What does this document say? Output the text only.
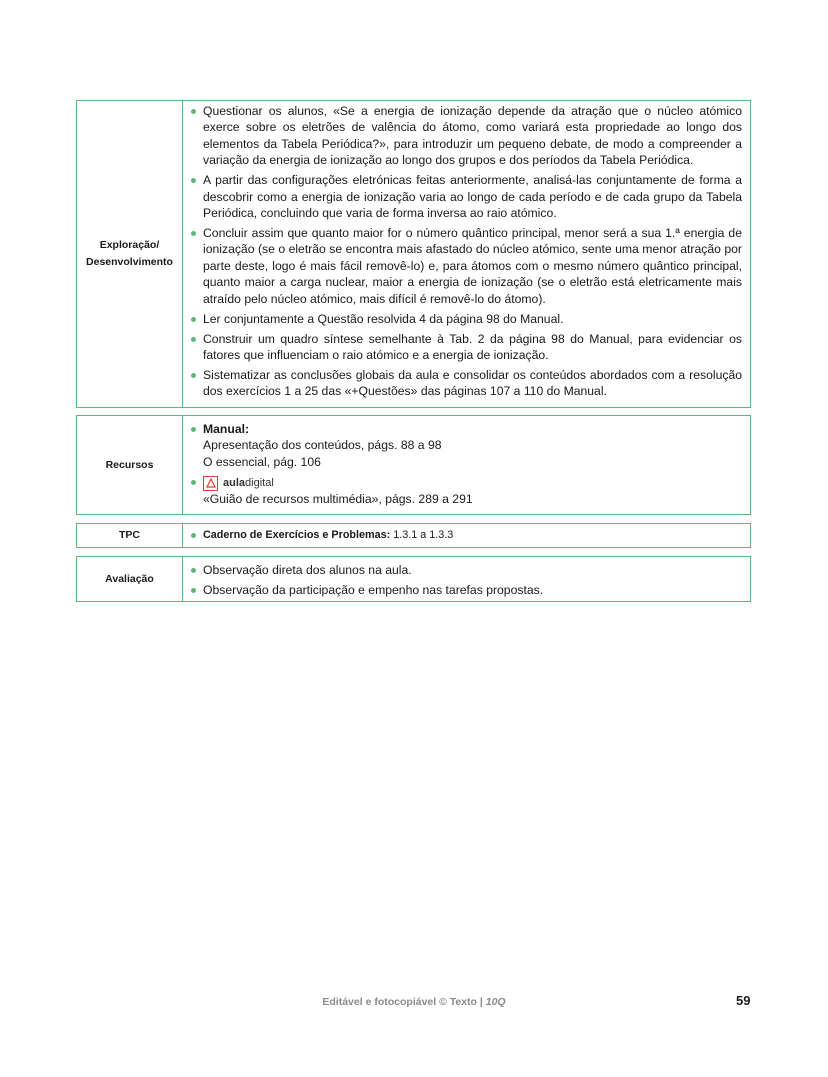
Exploração/
Desenvolvimento
Questionar os alunos, «Se a energia de ionização depende da atração que o núcleo atómico exerce sobre os eletrões de valência do átomo, como variará esta propriedade ao longo dos elementos da Tabela Periódica?», para introduzir um pequeno debate, de modo a compreender a variação da energia de ionização ao longo dos grupos e dos períodos da Tabela Periódica.
A partir das configurações eletrónicas feitas anteriormente, analisá-las conjuntamente de forma a descobrir como a energia de ionização varia ao longo de cada período e de cada grupo da Tabela Periódica, concluindo que varia de forma inversa ao raio atómico.
Concluir assim que quanto maior for o número quântico principal, menor será a sua 1.ª energia de ionização (se o eletrão se encontra mais afastado do núcleo atómico, sente uma menor atração por parte deste, logo é mais fácil removê-lo) e, para átomos com o mesmo número quântico principal, quanto maior a carga nuclear, maior a energia de ionização (se o eletrão está eletricamente mais atraído pelo núcleo atómico, mais difícil é removê-lo do átomo).
Ler conjuntamente a Questão resolvida 4 da página 98 do Manual.
Construir um quadro síntese semelhante à Tab. 2 da página 98 do Manual, para evidenciar os fatores que influenciam o raio atómico e a energia de ionização.
Sistematizar as conclusões globais da aula e consolidar os conteúdos abordados com a resolução dos exercícios 1 a 25 das «+Questões» das páginas 107 a 110 do Manual.
Recursos
Manual:
Apresentação dos conteúdos, págs. 88 a 98
O essencial, pág. 106
auladigital
«Guião de recursos multimédia», págs. 289 a 291
TPC	Caderno de Exercícios e Problemas: 1.3.1 a 1.3.3
Avaliação
Observação direta dos alunos na aula.
Observação da participação e empenho nas tarefas propostas.
Editável e fotocopiável © Texto | 10Q	59
